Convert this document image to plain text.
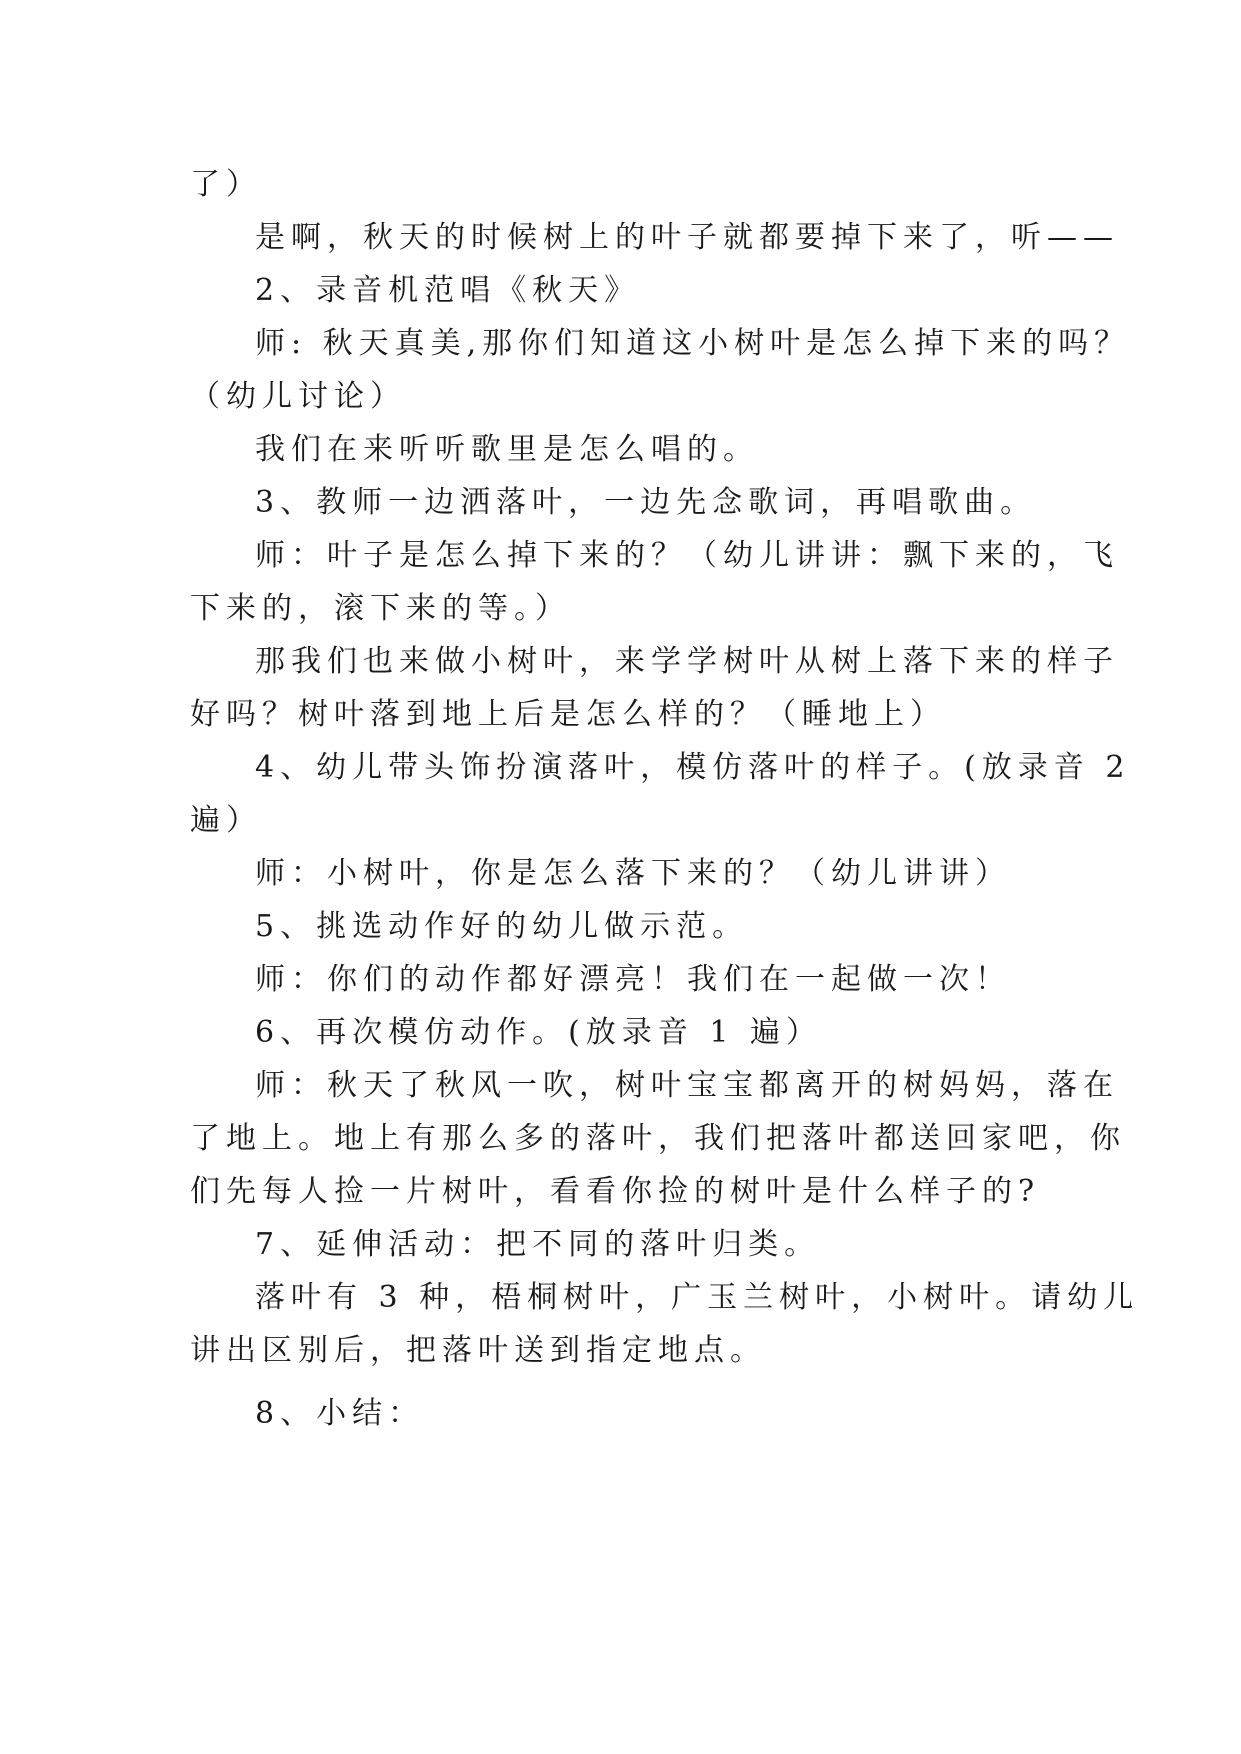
了）
是啊，秋天的时候树上的叶子就都要掉下来了，听——
2、录音机范唱《秋天》
师: 秋天真美,那你们知道这小树叶是怎么掉下来的吗？
（幼儿讨论）
我们在来听听歌里是怎么唱的。
3、教师一边洒落叶，一边先念歌词，再唱歌曲。
师：叶子是怎么掉下来的？（幼儿讲讲：飘下来的，飞
下来的，滚下来的等。）
那我们也来做小树叶，来学学树叶从树上落下来的样子
好吗？树叶落到地上后是怎么样的？（睡地上）
4、幼儿带头饰扮演落叶，模仿落叶的样子。(放录音 2
遍）
师：小树叶，你是怎么落下来的？（幼儿讲讲）
5、挑选动作好的幼儿做示范。
师：你们的动作都好漂亮！我们在一起做一次！
6、再次模仿动作。(放录音 1 遍）
师：秋天了秋风一吹，树叶宝宝都离开的树妈妈，落在
了地上。地上有那么多的落叶，我们把落叶都送回家吧，你
们先每人捡一片树叶，看看你捡的树叶是什么样子的?
7、延伸活动：把不同的落叶归类。
落叶有 3 种，梧桐树叶，广玉兰树叶，小树叶。请幼儿
讲出区别后，把落叶送到指定地点。
8、小结：
